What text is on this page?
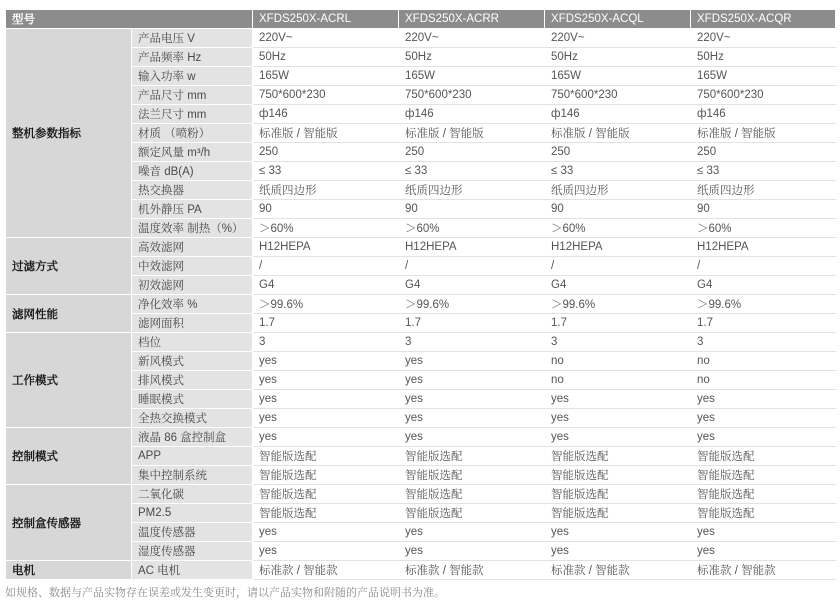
型号		XFDS250X-ACRL	XFDS250X-ACRR	XFDS250X-ACQL	XFDS250X-ACQR
整机参数指标	产品电压 V	220V~	220V~	220V~	220V~
	产品频率 Hz	50Hz	50Hz	50Hz	50Hz
	输入功率 w	165W	165W	165W	165W
	产品尺寸 mm	750*600*230	750*600*230	750*600*230	750*600*230
	法兰尺寸 mm	ф146	ф146	ф146	ф146
	材质 （喷粉）	标准版 / 智能版	标准版 / 智能版	标准版 / 智能版	标准版 / 智能版
	额定风量 m³/h	250	250	250	250
	噪音 dB(A)	≤ 33	≤ 33	≤ 33	≤ 33
	热交换器	纸质四边形	纸质四边形	纸质四边形	纸质四边形
	机外静压 PA	90	90	90	90
	温度效率 制热（%）	＞60%	＞60%	＞60%	＞60%
过滤方式	高效滤网	H12HEPA	H12HEPA	H12HEPA	H12HEPA
	中效滤网	/	/	/	/
	初效滤网	G4	G4	G4	G4
滤网性能	净化效率 %	＞99.6%	＞99.6%	＞99.6%	＞99.6%
	滤网面积	1.7	1.7	1.7	1.7
工作模式	档位	3	3	3	3
	新风模式	yes	yes	no	no
	排风模式	yes	yes	no	no
	睡眠模式	yes	yes	yes	yes
	全热交换模式	yes	yes	yes	yes
控制模式	液晶 86 盒控制盒	yes	yes	yes	yes
	APP	智能版选配	智能版选配	智能版选配	智能版选配
	集中控制系统	智能版选配	智能版选配	智能版选配	智能版选配
控制盒传感器	二氧化碳	智能版选配	智能版选配	智能版选配	智能版选配
	PM2.5	智能版选配	智能版选配	智能版选配	智能版选配
	温度传感器	yes	yes	yes	yes
	湿度传感器	yes	yes	yes	yes
电机	AC 电机	标准款 / 智能款	标准款 / 智能款	标准款 / 智能款	标准款 / 智能款
如规格、数据与产品实物存在误差或发生变更时，请以产品实物和附随的产品说明书为准。
